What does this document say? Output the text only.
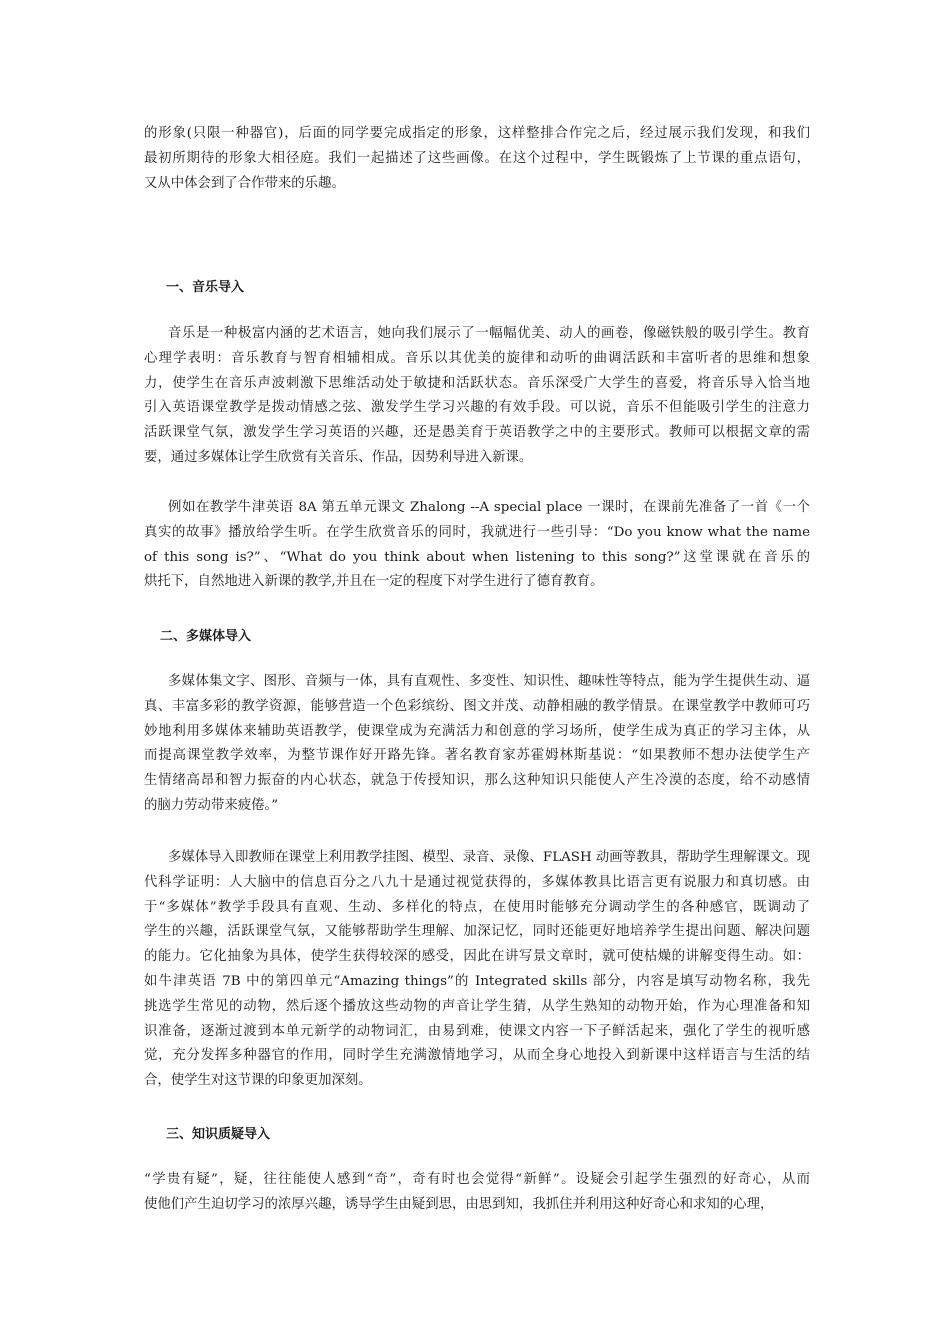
的形象(只限一种器官)，后面的同学要完成指定的形象，这样整排合作完之后，经过展示我们发现，和我们
最初所期待的形象大相径庭。我们一起描述了这些画像。在这个过程中，学生既锻炼了上节课的重点语句，
又从中体会到了合作带来的乐趣。
一、音乐导入
音乐是一种极富内涵的艺术语言，她向我们展示了一幅幅优美、动人的画卷，像磁铁般的吸引学生。教育
心理学表明：音乐教育与智育相辅相成。音乐以其优美的旋律和动听的曲调活跃和丰富听者的思维和想象
力，使学生在音乐声波刺激下思维活动处于敏捷和活跃状态。音乐深受广大学生的喜爱，将音乐导入恰当地
引入英语课堂教学是拨动情感之弦、激发学生学习兴趣的有效手段。可以说，音乐不但能吸引学生的注意力
活跃课堂气氛，激发学生学习英语的兴趣，还是愚美育于英语教学之中的主要形式。教师可以根据文章的需
要，通过多媒体让学生欣赏有关音乐、作品，因势利导进入新课。
例如在教学牛津英语 8A 第五单元课文 Zhalong --A special place 一课时，在课前先准备了一首《一个
真实的故事》播放给学生听。在学生欣赏音乐的同时，我就进行一些引导：“Do you know what the name
of this song is?”、“What do you think about when listening to this song?”这堂课就在音乐的
烘托下，自然地进入新课的教学,并且在一定的程度下对学生进行了德育教育。
二、多媒体导入
多媒体集文字、图形、音频与一体，具有直观性、多变性、知识性、趣味性等特点，能为学生提供生动、逼
真、丰富多彩的教学资源，能够营造一个色彩缤纷、图文并茂、动静相融的教学情景。在课堂教学中教师可巧
妙地利用多媒体来辅助英语教学，使课堂成为充满活力和创意的学习场所，使学生成为真正的学习主体，从
而提高课堂教学效率，为整节课作好开路先锋。著名教育家苏霍姆林斯基说：“如果教师不想办法使学生产
生情绪高昂和智力振奋的内心状态，就急于传授知识，那么这种知识只能使人产生冷漠的态度，给不动感情
的脑力劳动带来疲倦。”
多媒体导入即教师在课堂上利用教学挂图、模型、录音、录像、FLASH 动画等教具，帮助学生理解课文。现
代科学证明：人大脑中的信息百分之八九十是通过视觉获得的，多媒体教具比语言更有说服力和真切感。由
于“多媒体”教学手段具有直观、生动、多样化的特点，在使用时能够充分调动学生的各种感官，既调动了
学生的兴趣，活跃课堂气氛，又能够帮助学生理解、加深记忆，同时还能更好地培养学生提出问题、解决问题
的能力。它化抽象为具体，使学生获得较深的感受，因此在讲写景文章时，就可使枯燥的讲解变得生动。如：
如牛津英语 7B 中的第四单元“Amazing things”的 Integrated skills 部分，内容是填写动物名称，我先
挑选学生常见的动物，然后逐个播放这些动物的声音让学生猜，从学生熟知的动物开始，作为心理准备和知
识准备，逐渐过渡到本单元新学的动物词汇，由易到难，使课文内容一下子鲜活起来，强化了学生的视听感
觉，充分发挥多种器官的作用，同时学生充满激情地学习，从而全身心地投入到新课中这样语言与生活的结
合，使学生对这节课的印象更加深刻。
三、知识质疑导入
“学贵有疑”，疑，往往能使人感到“奇”，奇有时也会觉得“新鲜”。设疑会引起学生强烈的好奇心，从而
使他们产生迫切学习的浓厚兴趣，诱导学生由疑到思，由思到知，我抓住并利用这种好奇心和求知的心理，
